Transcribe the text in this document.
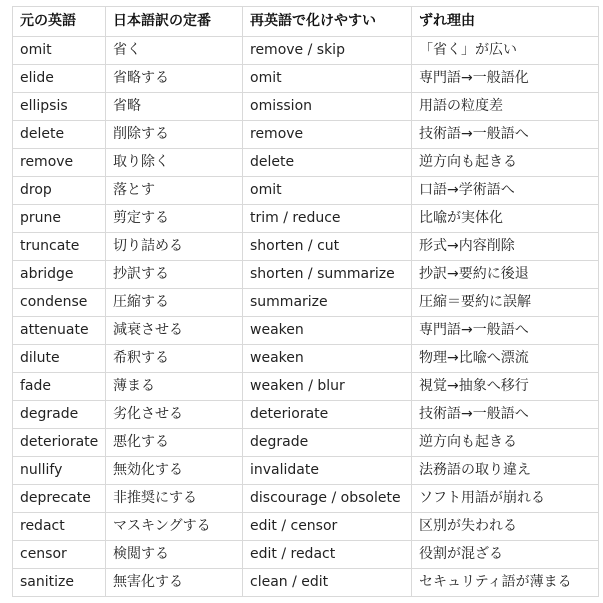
元の英語	日本語訳の定番	再英語で化けやすい	ずれ理由
omit	省く	remove / skip	「省く」が広い
elide	省略する	omit	専門語→一般語化
ellipsis	省略	omission	用語の粒度差
delete	削除する	remove	技術語→一般語へ
remove	取り除く	delete	逆方向も起きる
drop	落とす	omit	口語→学術語へ
prune	剪定する	trim / reduce	比喩が実体化
truncate	切り詰める	shorten / cut	形式→内容削除
abridge	抄訳する	shorten / summarize	抄訳→要約に後退
condense	圧縮する	summarize	圧縮＝要約に誤解
attenuate	減衰させる	weaken	専門語→一般語へ
dilute	希釈する	weaken	物理→比喩へ漂流
fade	薄まる	weaken / blur	視覚→抽象へ移行
degrade	劣化させる	deteriorate	技術語→一般語へ
deteriorate	悪化する	degrade	逆方向も起きる
nullify	無効化する	invalidate	法務語の取り違え
deprecate	非推奨にする	discourage / obsolete	ソフト用語が崩れる
redact	マスキングする	edit / censor	区別が失われる
censor	検閲する	edit / redact	役割が混ざる
sanitize	無害化する	clean / edit	セキュリティ語が薄まる
